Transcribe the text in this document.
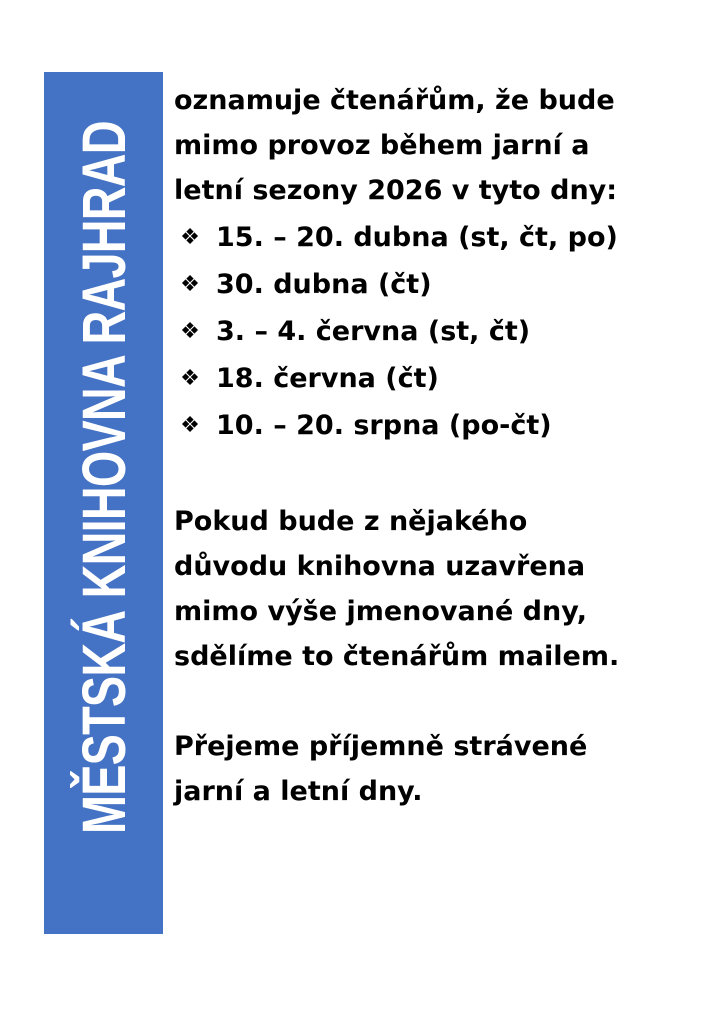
MĚSTSKÁ KNIHOVNA RAJHRAD

oznamuje čtenářům, že bude
mimo provoz během jarní a
letní sezony 2026 v tyto dny:

❖ 15. – 20. dubna (st, čt, po)
❖ 30. dubna (čt)
❖ 3. – 4. června (st, čt)
❖ 18. června (čt)
❖ 10. – 20. srpna (po-čt)

Pokud bude z nějakého
důvodu knihovna uzavřena
mimo výše jmenované dny,
sdělíme to čtenářům mailem.

Přejeme příjemně strávené
jarní a letní dny.
